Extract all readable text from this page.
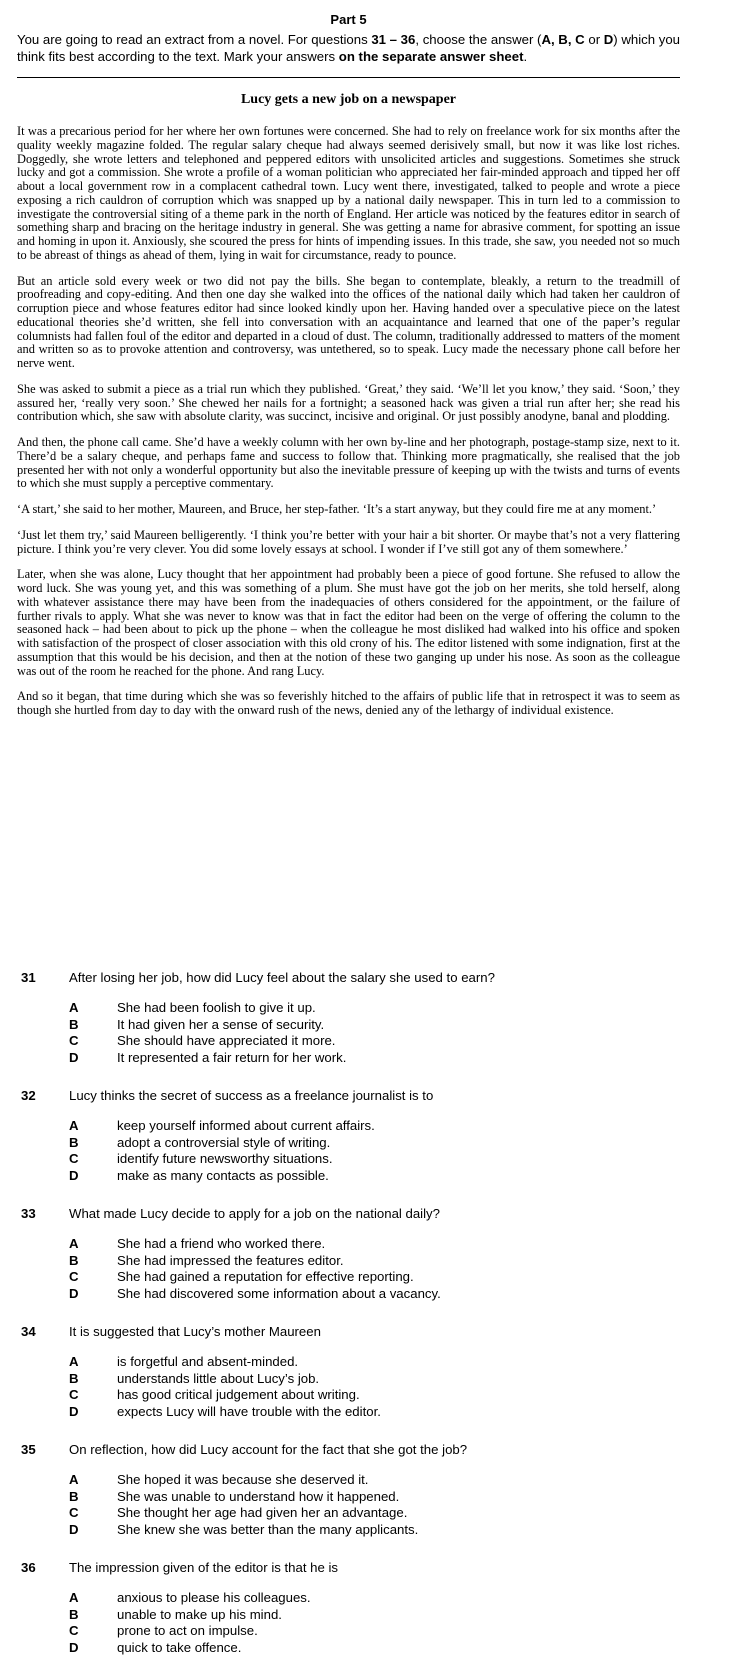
Part 5

You are going to read an extract from a novel. For questions 31 – 36, choose the answer (A, B, C or D) which you think fits best according to the text. Mark your answers on the separate answer sheet.

Lucy gets a new job on a newspaper

It was a precarious period for her where her own fortunes were concerned. She had to rely on freelance work for six months after the quality weekly magazine folded. The regular salary cheque had always seemed derisively small, but now it was like lost riches. Doggedly, she wrote letters and telephoned and peppered editors with unsolicited articles and suggestions. Sometimes she struck lucky and got a commission. She wrote a profile of a woman politician who appreciated her fair-minded approach and tipped her off about a local government row in a complacent cathedral town. Lucy went there, investigated, talked to people and wrote a piece exposing a rich cauldron of corruption which was snapped up by a national daily newspaper. This in turn led to a commission to investigate the controversial siting of a theme park in the north of England. Her article was noticed by the features editor in search of something sharp and bracing on the heritage industry in general. She was getting a name for abrasive comment, for spotting an issue and homing in upon it. Anxiously, she scoured the press for hints of impending issues. In this trade, she saw, you needed not so much to be abreast of things as ahead of them, lying in wait for circumstance, ready to pounce.

But an article sold every week or two did not pay the bills. She began to contemplate, bleakly, a return to the treadmill of proofreading and copy-editing. And then one day she walked into the offices of the national daily which had taken her cauldron of corruption piece and whose features editor had since looked kindly upon her. Having handed over a speculative piece on the latest educational theories she’d written, she fell into conversation with an acquaintance and learned that one of the paper’s regular columnists had fallen foul of the editor and departed in a cloud of dust. The column, traditionally addressed to matters of the moment and written so as to provoke attention and controversy, was untethered, so to speak. Lucy made the necessary phone call before her nerve went.

She was asked to submit a piece as a trial run which they published. ‘Great,’ they said. ‘We’ll let you know,’ they said. ‘Soon,’ they assured her, ‘really very soon.’ She chewed her nails for a fortnight; a seasoned hack was given a trial run after her; she read his contribution which, she saw with absolute clarity, was succinct, incisive and original. Or just possibly anodyne, banal and plodding.

And then, the phone call came. She’d have a weekly column with her own by-line and her photograph, postage-stamp size, next to it. There’d be a salary cheque, and perhaps fame and success to follow that. Thinking more pragmatically, she realised that the job presented her with not only a wonderful opportunity but also the inevitable pressure of keeping up with the twists and turns of events to which she must supply a perceptive commentary.

‘A start,’ she said to her mother, Maureen, and Bruce, her step-father. ‘It’s a start anyway, but they could fire me at any moment.’

‘Just let them try,’ said Maureen belligerently. ‘I think you’re better with your hair a bit shorter. Or maybe that’s not a very flattering picture. I think you’re very clever. You did some lovely essays at school. I wonder if I’ve still got any of them somewhere.’

Later, when she was alone, Lucy thought that her appointment had probably been a piece of good fortune. She refused to allow the word luck. She was young yet, and this was something of a plum. She must have got the job on her merits, she told herself, along with whatever assistance there may have been from the inadequacies of others considered for the appointment, or the failure of further rivals to apply. What she was never to know was that in fact the editor had been on the verge of offering the column to the seasoned hack – had been about to pick up the phone – when the colleague he most disliked had walked into his office and spoken with satisfaction of the prospect of closer association with this old crony of his. The editor listened with some indignation, first at the assumption that this would be his decision, and then at the notion of these two ganging up under his nose. As soon as the colleague was out of the room he reached for the phone. And rang Lucy.

And so it began, that time during which she was so feverishly hitched to the affairs of public life that in retrospect it was to seem as though she hurtled from day to day with the onward rush of the news, denied any of the lethargy of individual existence.

31	After losing her job, how did Lucy feel about the salary she used to earn?
A	She had been foolish to give it up.
B	It had given her a sense of security.
C	She should have appreciated it more.
D	It represented a fair return for her work.
32	Lucy thinks the secret of success as a freelance journalist is to
A	keep yourself informed about current affairs.
B	adopt a controversial style of writing.
C	identify future newsworthy situations.
D	make as many contacts as possible.
33	What made Lucy decide to apply for a job on the national daily?
A	She had a friend who worked there.
B	She had impressed the features editor.
C	She had gained a reputation for effective reporting.
D	She had discovered some information about a vacancy.
34	It is suggested that Lucy’s mother Maureen
A	is forgetful and absent-minded.
B	understands little about Lucy’s job.
C	has good critical judgement about writing.
D	expects Lucy will have trouble with the editor.
35	On reflection, how did Lucy account for the fact that she got the job?
A	She hoped it was because she deserved it.
B	She was unable to understand how it happened.
C	She thought her age had given her an advantage.
D	She knew she was better than the many applicants.
36	The impression given of the editor is that he is
A	anxious to please his colleagues.
B	unable to make up his mind.
C	prone to act on impulse.
D	quick to take offence.
